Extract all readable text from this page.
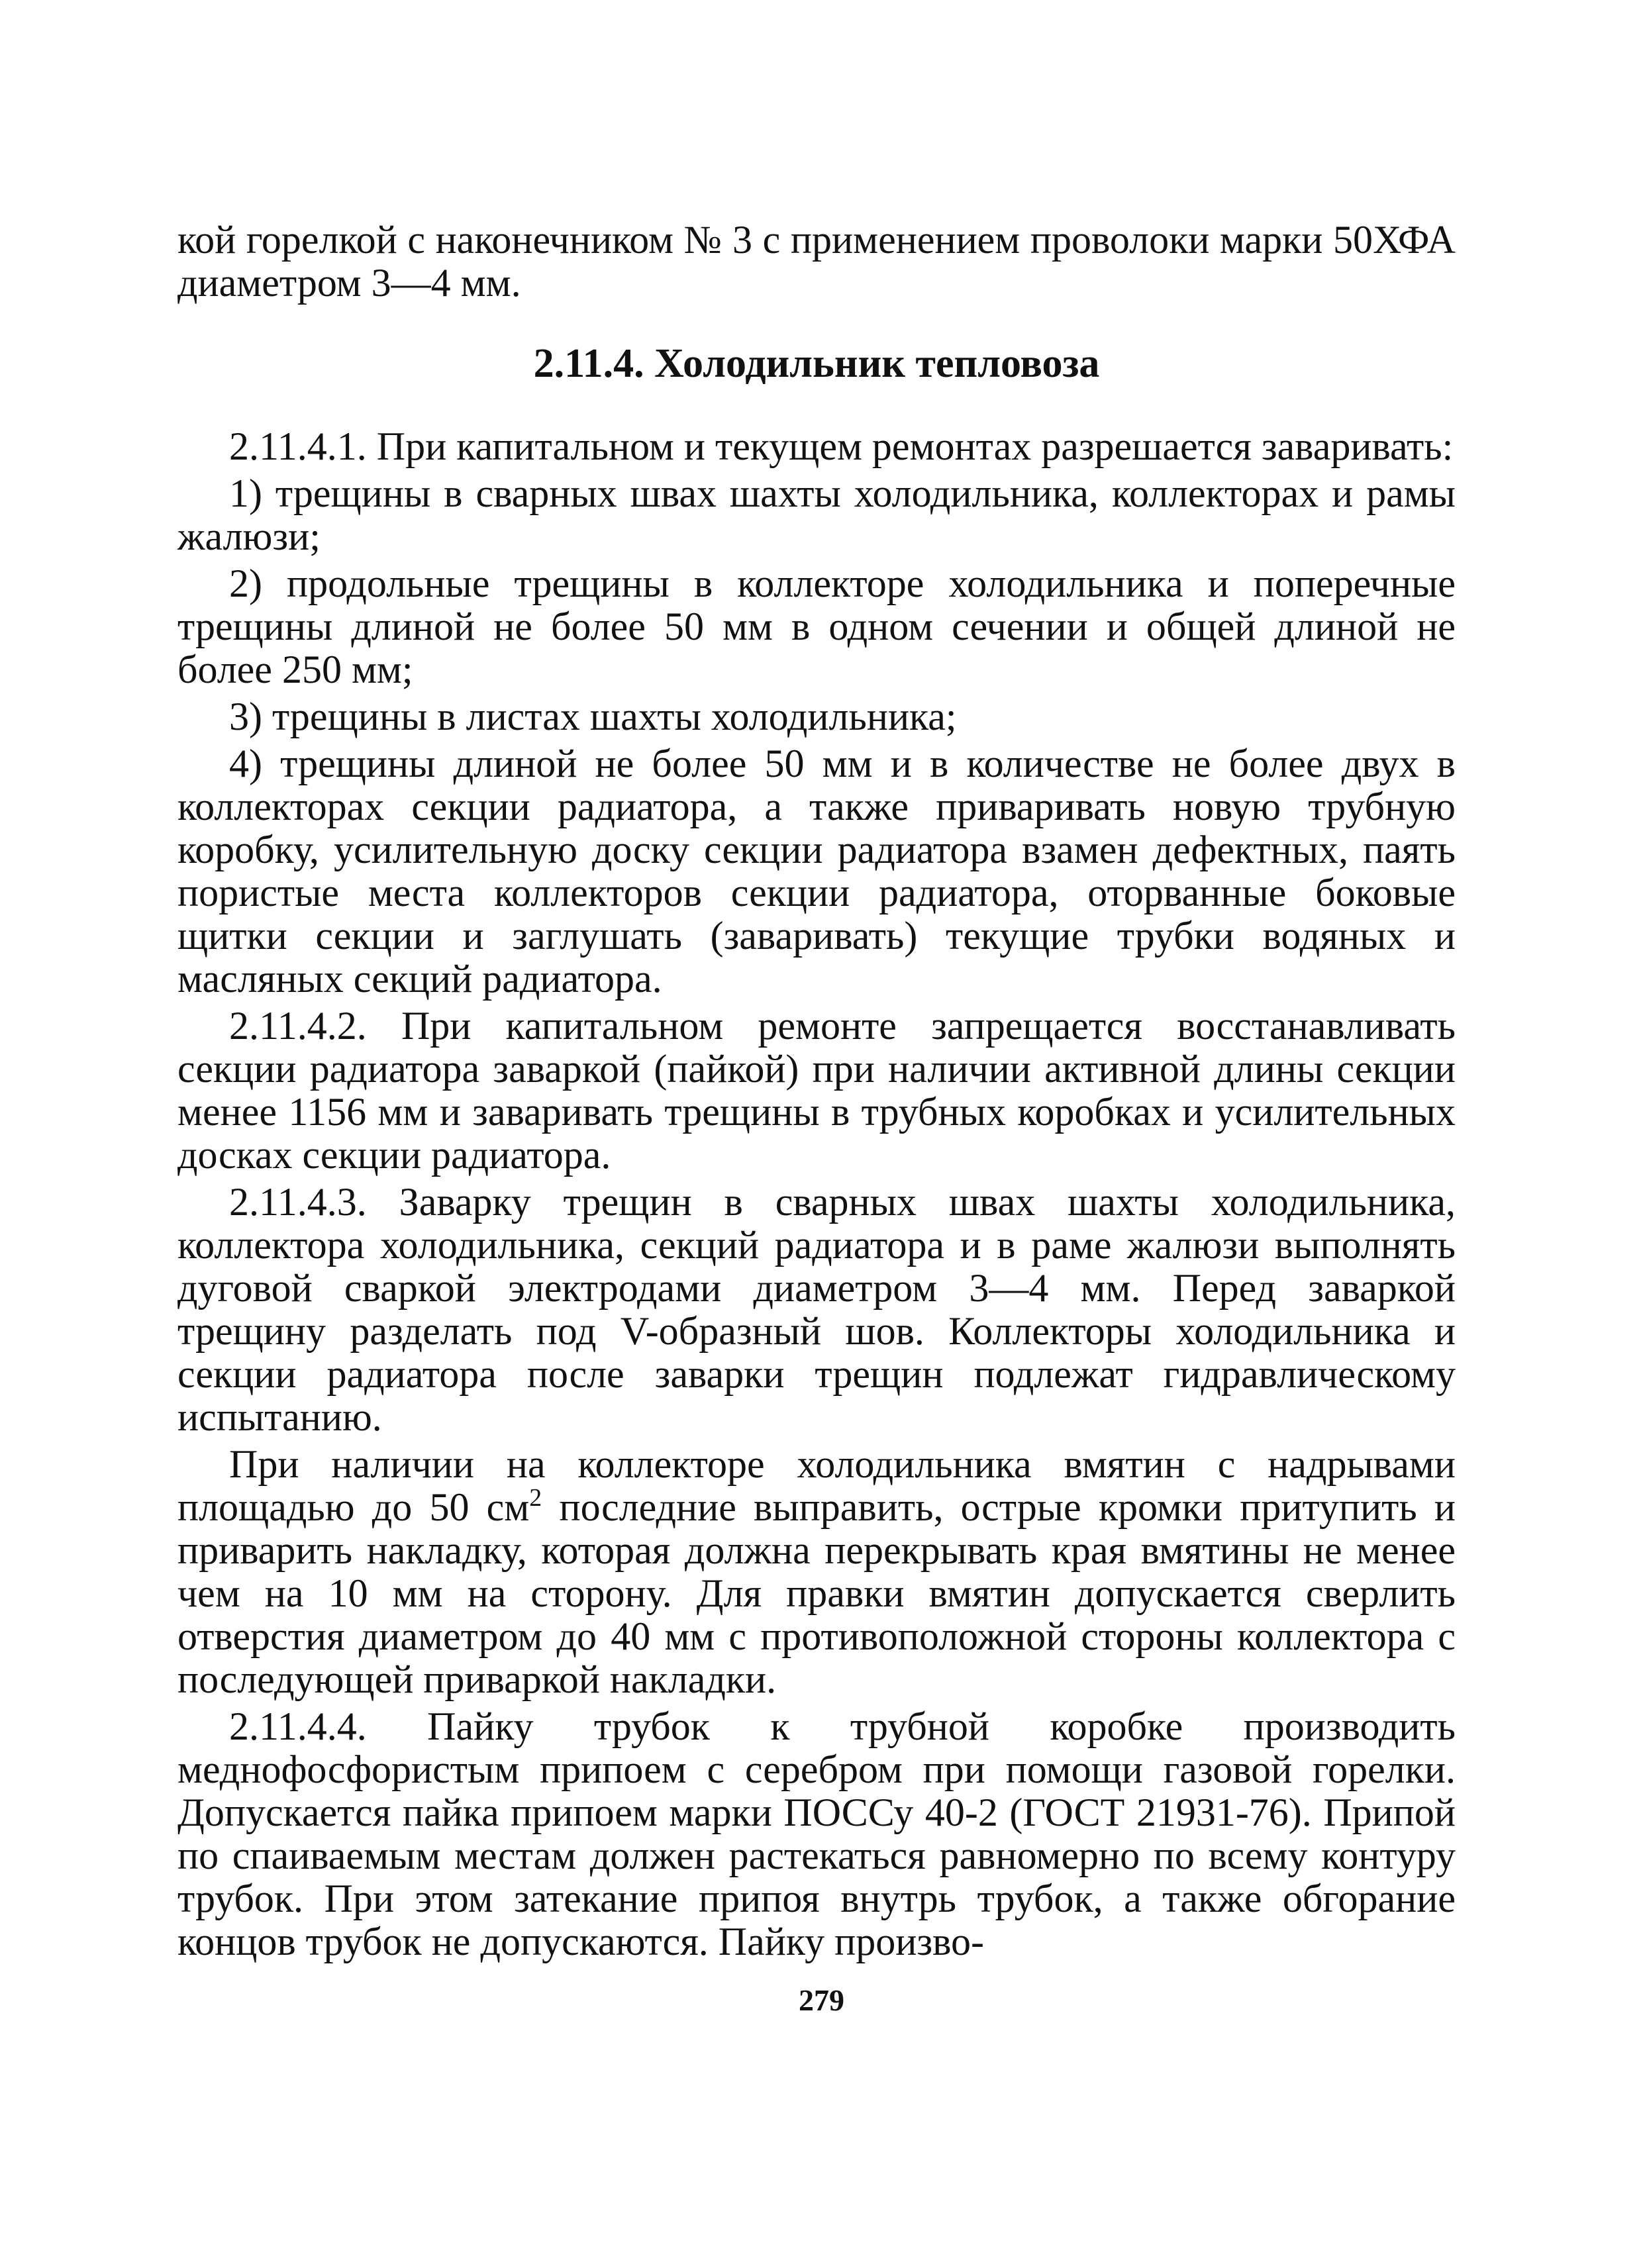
кой горелкой с наконечником № 3 с применением проволоки марки 50ХФА диаметром 3—4 мм.

2.11.4. Холодильник тепловоза

2.11.4.1. При капитальном и текущем ремонтах разрешается заваривать:

1) трещины в сварных швах шахты холодильника, коллекторах и рамы жалюзи;

2) продольные трещины в коллекторе холодильника и поперечные трещины длиной не более 50 мм в одном сечении и общей длиной не более 250 мм;

3) трещины в листах шахты холодильника;

4) трещины длиной не более 50 мм и в количестве не более двух в коллекторах секции радиатора, а также приваривать новую трубную коробку, усилительную доску секции радиатора взамен дефектных, паять пористые места коллекторов секции радиатора, оторванные боковые щитки секции и заглушать (заваривать) текущие трубки водяных и масляных секций радиатора.

2.11.4.2. При капитальном ремонте запрещается восстанавливать секции радиатора заваркой (пайкой) при наличии активной длины секции менее 1156 мм и заваривать трещины в трубных коробках и усилительных досках секции радиатора.

2.11.4.3. Заварку трещин в сварных швах шахты холодильника, коллектора холодильника, секций радиатора и в раме жалюзи выполнять дуговой сваркой электродами диаметром 3—4 мм. Перед заваркой трещину разделать под V-образный шов. Коллекторы холодильника и секции радиатора после заварки трещин подлежат гидравлическому испытанию.

При наличии на коллекторе холодильника вмятин с надрывами площадью до 50 $см^2$ последние выправить, острые кромки притупить и приварить накладку, которая должна перекрывать края вмятины не менее чем на 10 мм на сторону. Для правки вмятин допускается сверлить отверстия диаметром до 40 мм с противоположной стороны коллектора с последующей приваркой накладки.

2.11.4.4. Пайку трубок к трубной коробке производить меднофосфористым припоем с серебром при помощи газовой горелки. Допускается пайка припоем марки ПОССу 40-2 (ГОСТ 21931-76). Припой по спаиваемым местам должен растекаться равномерно по всему контуру трубок. При этом затекание припоя внутрь трубок, а также обгорание концов трубок не допускаются. Пайку произво-

279
